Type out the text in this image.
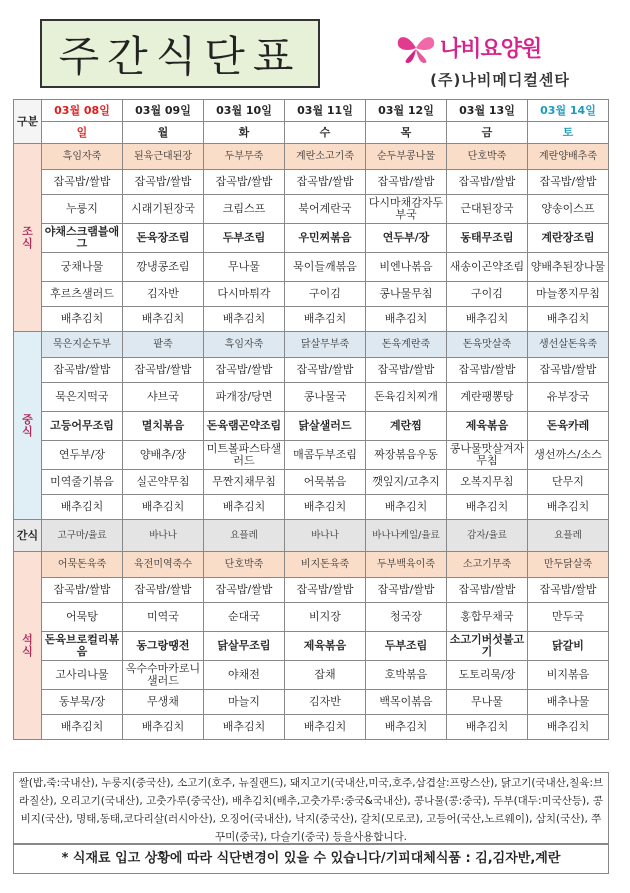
주간식단표	나비요양원
(주)나비메디컬센타
구분	03월 08일	03월 09일	03월 10일	03월 11일	03월 12일	03월 13일	03월 14일
	일	월	화	수	목	금	토
조
식	흑임자죽	된육근대된장	두부무죽	계란소고기죽	순두부콩나물	단호박죽	계란양배추죽
	잡곡밥/쌀밥	잡곡밥/쌀밥	잡곡밥/쌀밥	잡곡밥/쌀밥	잡곡밥/쌀밥	잡곡밥/쌀밥	잡곡밥/쌀밥
	누룽지	시래기된장국	크림스프	북어계란국	다시마채감자두부국	근대된장국	양송이스프
	야채스크램블애그	돈육장조림	두부조림	우민찌볶음	연두부/장	동태무조림	계란장조림
	궁채나물	깡냉콩조림	무나물	묵이들깨볶음	비엔나볶음	새송이곤약조림	양배추된장나물
	후르츠샐러드	김자반	다시마튀각	구이김	콩나물무침	구이김	마늘쫑지무침
	배추김치	배추김치	배추김치	배추김치	배추김치	배추김치	배추김치
중
식	묵은지순두부	팥죽	흑임자죽	닭살무부죽	돈육계란죽	돈육맛살죽	생선살돈육죽
	잡곡밥/쌀밥	잡곡밥/쌀밥	잡곡밥/쌀밥	잡곡밥/쌀밥	잡곡밥/쌀밥	잡곡밥/쌀밥	잡곡밥/쌀밥
	묵은지떡국	샤브국	파개장/당면	콩나물국	돈육김치찌개	계란팽뽕탕	유부장국
	고등어무조림	멸치볶음	돈육램곤약조림	닭살샐러드	계란찜	제육볶음	돈육카레
	연두부/장	양배추/장	미트볼파스타샐러드	매콤두부조림	짜장볶음우동	콩나물맛살겨자무침	생선까스/소스
	미역줄기볶음	실곤약무침	무짠지채무침	어묵볶음	깻잎지/고추지	오복지무침	단무지
	배추김치	배추김치	배추김치	배추김치	배추김치	배추김치	배추김치
간식	고구마/율료	바나나	요플레	바나나	바나나케일/율료	감자/율료	요플레
석
식	어묵돈육죽	육전미역죽수	단호박죽	비지돈육죽	두부백육이죽	소고기무죽	만두닭살죽
	잡곡밥/쌀밥	잡곡밥/쌀밥	잡곡밥/쌀밥	잡곡밥/쌀밥	잡곡밥/쌀밥	잡곡밥/쌀밥	잡곡밥/쌀밥
	어묵탕	미역국	순대국	비지장	청국장	홍합무채국	만두국
	돈육브로컬리볶음	동그랑땡전	닭살무조림	제육볶음	두부조림	소고기버섯불고기	닭갈비
	고사리나물	옥수수마카로니샐러드	야채전	잡채	호박볶음	도토리묵/장	비지볶음
	동부묵/장	무생채	마늘지	김자반	백목이볶음	무나물	배추나물
	배추김치	배추김치	배추김치	배추김치	배추김치	배추김치	배추김치
쌀(밥,죽:국내산), 누룽지(중국산), 소고기(호주, 뉴질랜드), 돼지고기(국내산,미국,호주,삼겹살:프랑스산), 닭고기(국내산,칠육:브라질산), 오리고기(국내산), 고춧가루(중국산), 배추김치(배추,고춧가루:중국&국내산), 콩나물(콩:중국), 두부(대두:미국산등), 콩비지(국산), 명태,동태,코다리살(러시아산), 오징어(국내산), 낙지(중국산), 갈치(모로코), 고등어(국산,노르웨이), 삼치(국산), 쭈꾸미(중국), 다슬기(중국) 등을사용합니다.
* 식재료 입고 상황에 따라 식단변경이 있을 수 있습니다/기피대체식품 : 김,김자반,계란
